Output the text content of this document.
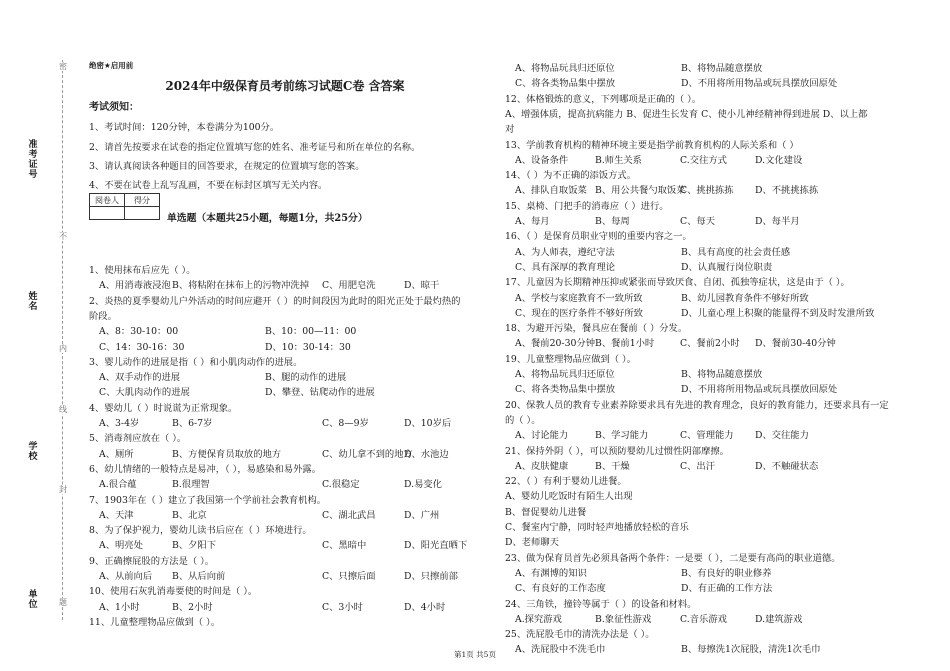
准考证号
姓名
学校
单位
密
不
内
线
封
题
绝密★启用前
2024年中级保育员考前练习试题C卷 含答案
考试须知：
1、考试时间：120分钟，本卷满分为100分。
2、请首先按要求在试卷的指定位置填写您的姓名、准考证号和所在单位的名称。
3、请认真阅读各种题目的回答要求，在规定的位置填写您的答案。
4、不要在试卷上乱写乱画，不要在标封区填写无关内容。
阅卷人	得分

单选题（本题共25小题，每题1分，共25分）
1、使用抹布后应先（ ）。
A、用消毒液浸泡B、将粘附在抹布上的污物冲洗掉 C、用肥皂洗	D、晾干
2、炎热的夏季婴幼儿户外活动的时间应避开（ ）的时间段因为此时的阳光正处于最灼热的
阶段。
A、8：30-10：00	B、10：00—11：00
C、14：30-16：30	D、10：30-14：30
3、婴儿动作的进展是指（ ）和小肌肉动作的进展。
A、双手动作的进展	B、腿的动作的进展
C、大肌肉动作的进展	D、攀登、钻爬动作的进展
4、婴幼儿（ ）时说谎为正常现象。
A、3-4岁	B、6-7岁	C、8—9岁	D、10岁后
5、消毒剂应放在（ ）。
A、厕所	B、方便保育员取放的地方	C、幼儿拿不到的地方D、水池边
6、幼儿情绪的一般特点是易冲，（ ），易感染和易外露。
A.很合蕴	B.很理智	C.很稳定	D.易变化
7、1903年在（ ）建立了我国第一个学前社会教育机构。
A、天津	B、北京	C、湖北武昌	D、广州
8、为了保护视力，婴幼儿读书后应在（ ）环境进行。
A、明亮处	B、夕阳下	C、黑暗中	D、阳光直晒下
9、正确擦屁股的方法是（ ）。
A、从前向后 B、从后向前	C、只擦后面	D、只擦前部
10、使用石灰乳消毒要使的时间是（ ）。
A、1小时	B、2小时	C、3小时	D、4小时
11、儿童整理物品应做到（ ）。
A、将物品玩具归还原位	B、将物品随意摆放
C、将各类物品集中摆放	D、不用将所用物品或玩具摆放回原处
12、体格锻炼的意义，下列哪项是正确的（ ）。
A、增强体质，提高抗病能力 B、促进生长发育 C、使小儿神经精神得到进展 D、以上都
对
13、学前教育机构的精神环境主要是指学前教育机构的人际关系和（ ）
A、设备条件	B.师生关系	C.交往方式	D.文化建设
14、（ ）为不正确的添饭方式。
A、排队自取饭菜 B、用公共餐勺取饭菜C、挑挑拣拣 D、不挑挑拣拣
15、桌椅、门把手的消毒应（ ）进行。
A、每月	B、每周	C、每天	D、每半月
16、（ ）是保育员职业守则的重要内容之一。
A、为人师表，遵纪守法	B、具有高度的社会责任感
C、具有深厚的教育理论	D、认真履行岗位职责
17、儿童因为长期精神压抑或紧张而导致厌食、自闭、孤独等症状，这是由于（ ）。
A、学校与家庭教育不一致所致	B、幼儿园教育条件不够好所致
C、现在的医疗条件不够好所致	D、儿童心理上积聚的能量得不到及时发泄所致
18、为避开污染，餐具应在餐前（ ）分发。
A、餐前20-30分钟B、餐前1小时	C、餐前2小时 D、餐前30-40分钟
19、儿童整理物品应做到（ ）。
A、将物品玩具归还原位	B、将物品随意摆放
C、将各类物品集中摆放	D、不用将所用物品或玩具摆放回原处
20、保教人员的教育专业素养除要求具有先进的教育理念，良好的教育能力，还要求具有一定
的（ ）。
A、讨论能力	B、学习能力	C、管理能力 D、交往能力
21、保持外阴（ ），可以预防婴幼儿过惯性阴部摩擦。
A、皮肤健康	B、干燥	C、出汗	D、不触碰状态
22、（ ）有利于婴幼儿进餐。
A、婴幼儿吃饭时有陌生人出现
B、督促婴幼儿进餐
C、餐室内宁静，同时轻声地播放轻松的音乐
D、老师聊天
23、做为保育员首先必须具备两个条件：一是要（ ），二是要有高尚的职业道德。
A、有渊博的知识	B、有良好的职业修养
C、有良好的工作态度	D、有正确的工作方法
24、三角铁，撞铃等属于（ ）的设备和材料。
A.探究游戏	B.象征性游戏	C.音乐游戏	D.建筑游戏
25、洗屁股毛巾的清洗办法是（ ）。
A、洗屁股中不洗毛巾	B、每擦洗1次屁股，清洗1次毛巾
第1页 共5页
